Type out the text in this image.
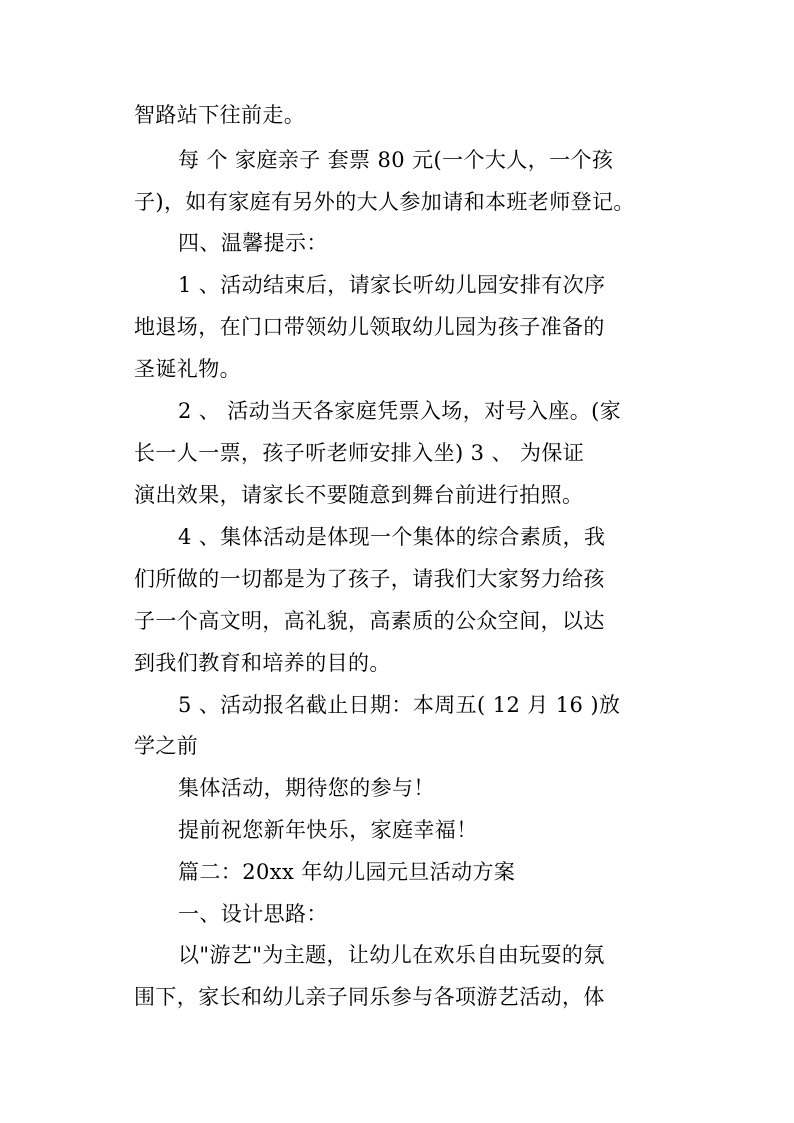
智路站下往前走。
每 个 家庭亲子 套票 80 元(一个大人，一个孩
子)，如有家庭有另外的大人参加请和本班老师登记。
四、温馨提示：
1 、活动结束后，请家长听幼儿园安排有次序
地退场，在门口带领幼儿领取幼儿园为孩子准备的
圣诞礼物。
2 、 活动当天各家庭凭票入场，对号入座。(家
长一人一票，孩子听老师安排入坐) 3 、 为保证
演出效果，请家长不要随意到舞台前进行拍照。
4 、集体活动是体现一个集体的综合素质，我
们所做的一切都是为了孩子，请我们大家努力给孩
子一个高文明，高礼貌，高素质的公众空间，以达
到我们教育和培养的目的。
5 、活动报名截止日期：本周五( 12 月 16 )放
学之前
集体活动，期待您的参与！
提前祝您新年快乐，家庭幸福！
篇二：20xx 年幼儿园元旦活动方案
一、设计思路：
以"游艺"为主题，让幼儿在欢乐自由玩耍的氛
围下，家长和幼儿亲子同乐参与各项游艺活动，体
